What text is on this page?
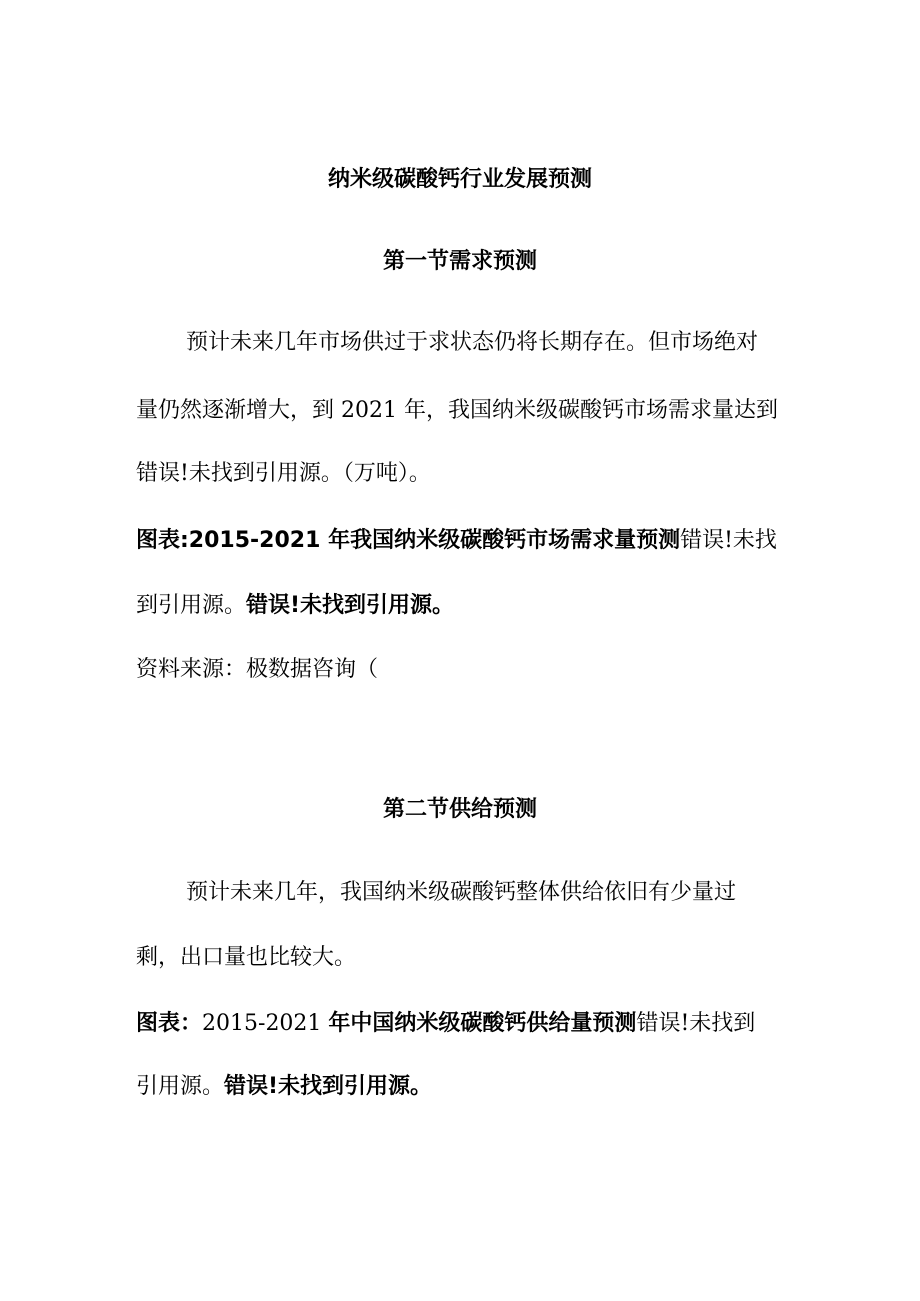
纳米级碳酸钙行业发展预测
第一节需求预测
预计未来几年市场供过于求状态仍将长期存在。但市场绝对
量仍然逐渐增大，到 2021 年，我国纳米级碳酸钙市场需求量达到
错误!未找到引用源。（万吨）。
图表:2015-2021 年我国纳米级碳酸钙市场需求量预测错误!未找
到引用源。错误!未找到引用源。
资料来源：极数据咨询（
第二节供给预测
预计未来几年，我国纳米级碳酸钙整体供给依旧有少量过
剩，出口量也比较大。
图表：2015-2021 年中国纳米级碳酸钙供给量预测错误!未找到
引用源。错误!未找到引用源。
